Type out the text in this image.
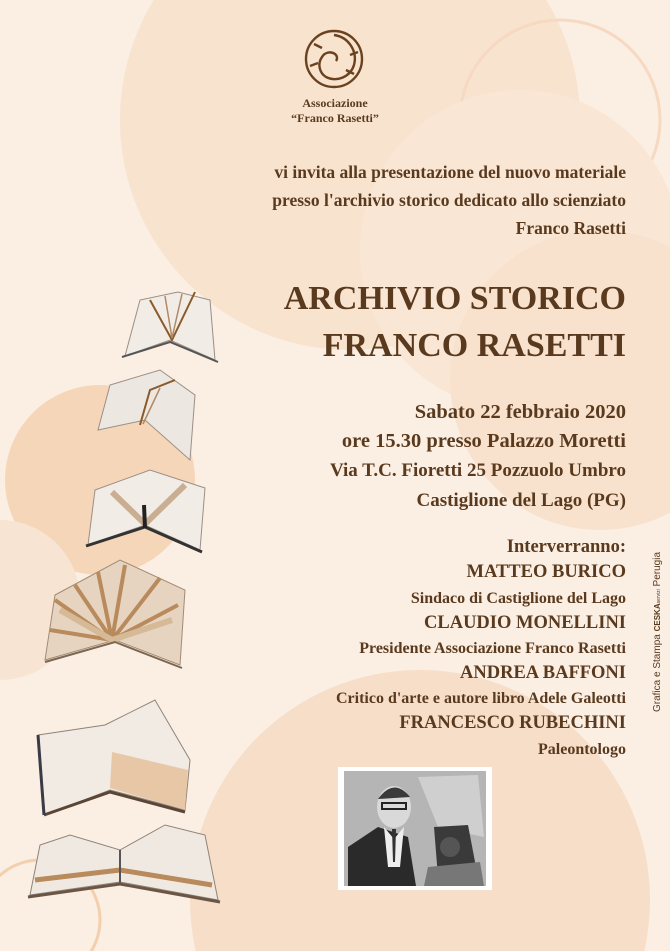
Associazione
“Franco Rasetti”
vi invita alla presentazione del nuovo materiale
presso l'archivio storico dedicato allo scienziato
Franco Rasetti
ARCHIVIO STORICO
FRANCO RASETTI
Sabato 22 febbraio 2020
ore 15.30 presso Palazzo Moretti
Via T.C. Fioretti 25 Pozzuolo Umbro
Castiglione del Lago (PG)
Interverranno:
MATTEO BURICO
Sindaco di Castiglione del Lago
CLAUDIO MONELLINI
Presidente Associazione Franco Rasetti
ANDREA BAFFONI
Critico d'arte e autore libro Adele Galeotti
FRANCESCO RUBECHINI
Paleontologo
Grafica e Stampa CESKAservizi Perugia
